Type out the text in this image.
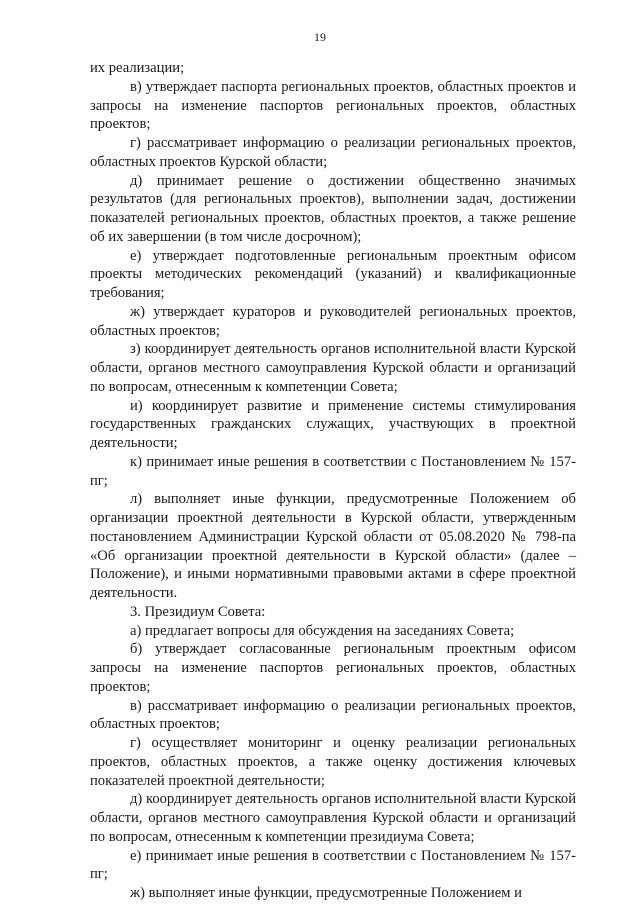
19

их реализации;

в) утверждает паспорта региональных проектов, областных проектов и запросы на изменение паспортов региональных проектов, областных проектов;

г) рассматривает информацию о реализации региональных проектов, областных проектов Курской области;

д) принимает решение о достижении общественно значимых результатов (для региональных проектов), выполнении задач, достижении показателей региональных проектов, областных проектов, а также решение об их завершении (в том числе досрочном);

е) утверждает подготовленные региональным проектным офисом проекты методических рекомендаций (указаний) и квалификационные требования;

ж) утверждает кураторов и руководителей региональных проектов, областных проектов;

з) координирует деятельность органов исполнительной власти Курской области, органов местного самоуправления Курской области и организаций по вопросам, отнесенным к компетенции Совета;

и) координирует развитие и применение системы стимулирования государственных гражданских служащих, участвующих в проектной деятельности;

к) принимает иные решения в соответствии с Постановлением № 157-пг;

л) выполняет иные функции, предусмотренные Положением об организации проектной деятельности в Курской области, утвержденным постановлением Администрации Курской области от 05.08.2020 № 798-па «Об организации проектной деятельности в Курской области» (далее – Положение), и иными нормативными правовыми актами в сфере проектной деятельности.

3. Президиум Совета:

а) предлагает вопросы для обсуждения на заседаниях Совета;

б) утверждает согласованные региональным проектным офисом запросы на изменение паспортов региональных проектов, областных проектов;

в) рассматривает информацию о реализации региональных проектов, областных проектов;

г) осуществляет мониторинг и оценку реализации региональных проектов, областных проектов, а также оценку достижения ключевых показателей проектной деятельности;

д) координирует деятельность органов исполнительной власти Курской области, органов местного самоуправления Курской области и организаций по вопросам, отнесенным к компетенции президиума Совета;

е) принимает иные решения в соответствии с Постановлением № 157-пг;

ж) выполняет иные функции, предусмотренные Положением и
